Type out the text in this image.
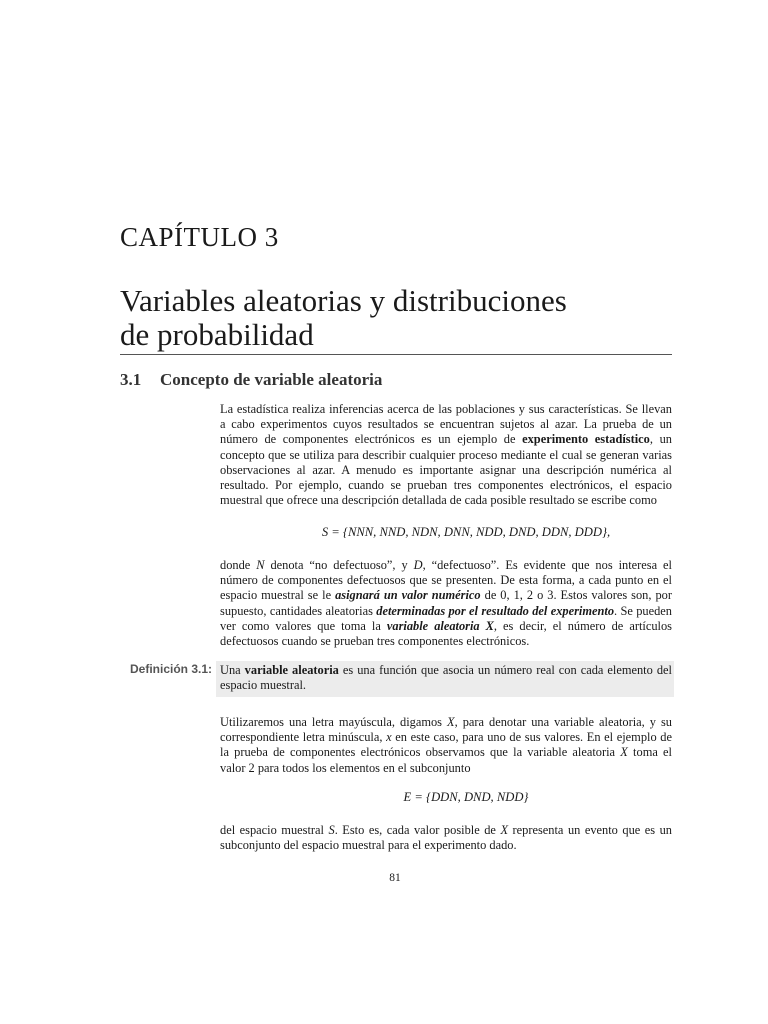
CAPÍTULO 3
Variables aleatorias y distribuciones
de probabilidad
3.1 Concepto de variable aleatoria
La estadística realiza inferencias acerca de las poblaciones y sus características. Se llevan a cabo experimentos cuyos resultados se encuentran sujetos al azar. La prueba de un número de componentes electrónicos es un ejemplo de experimento estadístico, un concepto que se utiliza para describir cualquier proceso mediante el cual se generan varias observaciones al azar. A menudo es importante asignar una descripción numérica al resultado. Por ejemplo, cuando se prueban tres componentes electrónicos, el espacio muestral que ofrece una descripción detallada de cada posible resultado se escribe como
S = {NNN, NND, NDN, DNN, NDD, DND, DDN, DDD},
donde N denota “no defectuoso”, y D, “defectuoso”. Es evidente que nos interesa el número de componentes defectuosos que se presenten. De esta forma, a cada punto en el espacio muestral se le asignará un valor numérico de 0, 1, 2 o 3. Estos valores son, por supuesto, cantidades aleatorias determinadas por el resultado del experimento. Se pueden ver como valores que toma la variable aleatoria X, es decir, el número de artículos defectuosos cuando se prueban tres componentes electrónicos.
Definición 3.1: Una variable aleatoria es una función que asocia un número real con cada elemento del espacio muestral.
Utilizaremos una letra mayúscula, digamos X, para denotar una variable aleatoria, y su correspondiente letra minúscula, x en este caso, para uno de sus valores. En el ejemplo de la prueba de componentes electrónicos observamos que la variable aleatoria X toma el valor 2 para todos los elementos en el subconjunto
E = {DDN, DND, NDD}
del espacio muestral S. Esto es, cada valor posible de X representa un evento que es un subconjunto del espacio muestral para el experimento dado.
81
